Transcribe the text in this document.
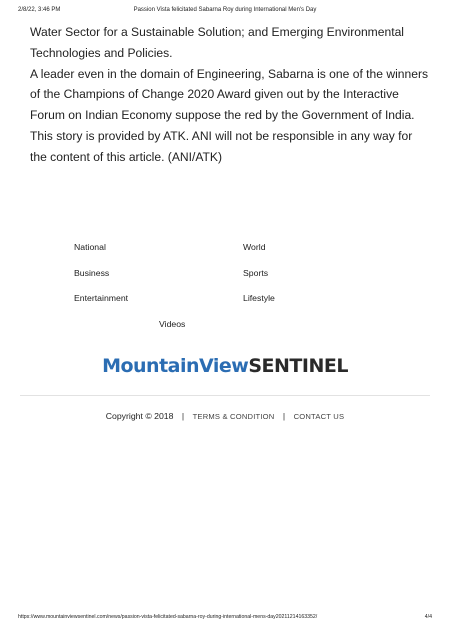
2/8/22, 3:46 PM	Passion Vista felicitated Sabarna Roy during International Men's Day

Water Sector for a Sustainable Solution; and Emerging Environmental Technologies and Policies.

A leader even in the domain of Engineering, Sabarna is one of the winners of the Champions of Change 2020 Award given out by the Interactive Forum on Indian Economy suppose the red by the Government of India.

This story is provided by ATK. ANI will not be responsible in any way for the content of this article. (ANI/ATK)

National	World
Business	Sports
Entertainment	Lifestyle
Videos
MountainViewSENTINEL
Copyright © 2018 | TERMS & CONDITION | CONTACT US
https://www.mountainviewsentinel.com/news/passion-vista-felicitated-sabarna-roy-during-international-mens-day20211214163352/	4/4
